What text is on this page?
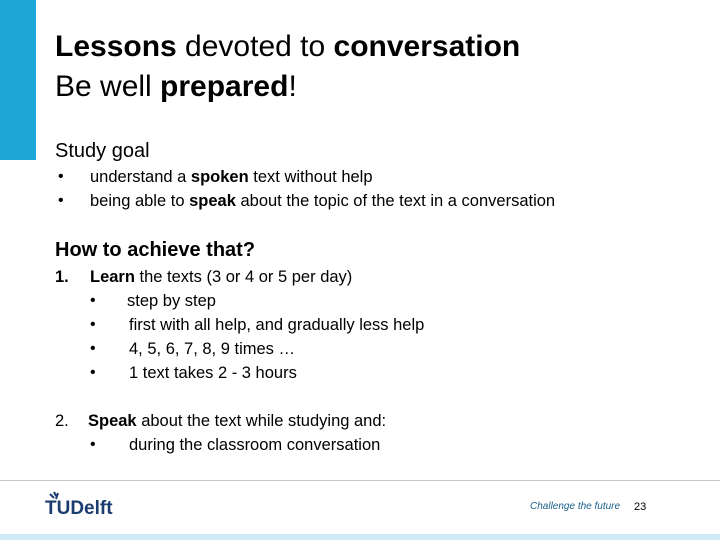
Lessons devoted to conversation
Be well prepared!
Study goal
• understand a spoken text without help
• being able to speak about the topic of the text in a conversation
How to achieve that?
1. Learn the texts (3 or 4 or 5 per day)
• step by step
• first with all help, and gradually less help
• 4, 5, 6, 7, 8, 9 times …
• 1 text takes 2 - 3 hours
2. Speak about the text while studying and:
• during the classroom conversation
TUDelft	Challenge the future 23
